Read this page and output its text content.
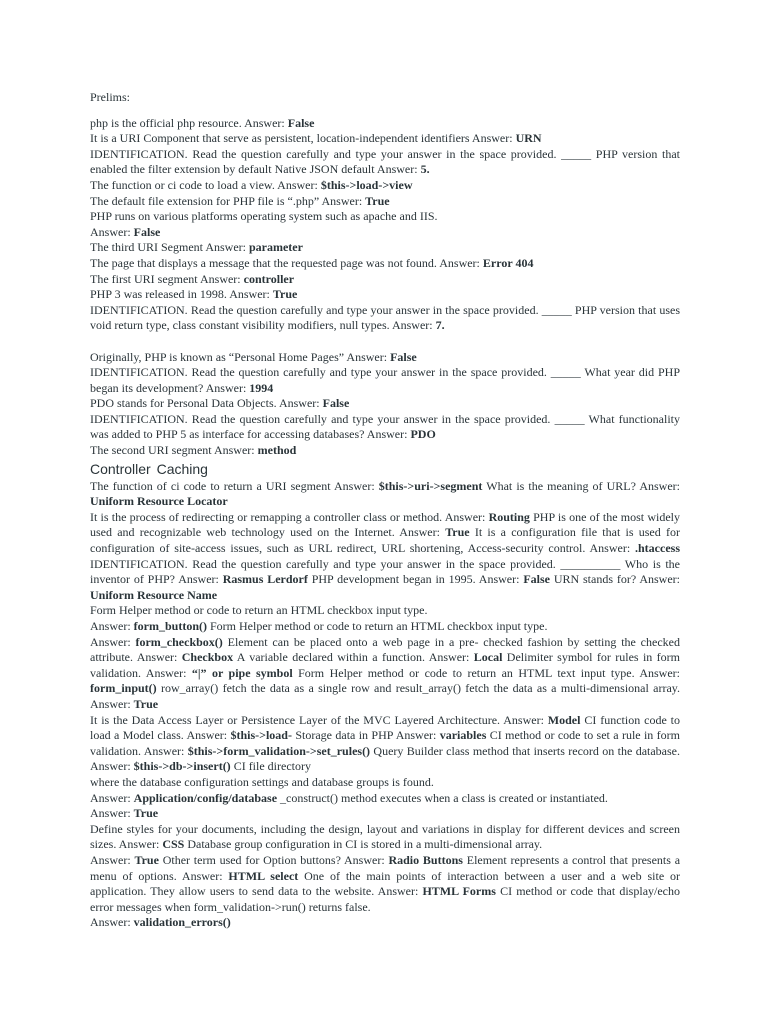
Prelims:

php is the official php resource. Answer: False

It is a URI Component that serve as persistent, location-independent identifiers Answer: URN

IDENTIFICATION. Read the question carefully and type your answer in the space provided. _____ PHP version that enabled the filter extension by default Native JSON default Answer: 5.

The function or ci code to load a view. Answer: $this->load->view

The default file extension for PHP file is “.php” Answer: True

PHP runs on various platforms operating system such as apache and IIS.

Answer: False

The third URI Segment Answer: parameter

The page that displays a message that the requested page was not found. Answer: Error 404

The first URI segment Answer: controller

PHP 3 was released in 1998. Answer: True

IDENTIFICATION. Read the question carefully and type your answer in the space provided. _____ PHP version that uses void return type, class constant visibility modifiers, null types. Answer: 7.

Originally, PHP is known as “Personal Home Pages” Answer: False

IDENTIFICATION. Read the question carefully and type your answer in the space provided. _____ What year did PHP began its development? Answer: 1994

PDO stands for Personal Data Objects. Answer: False

IDENTIFICATION. Read the question carefully and type your answer in the space provided. _____ What functionality was added to PHP 5 as interface for accessing databases? Answer: PDO

The second URI segment Answer: method

Controller Caching

The function of ci code to return a URI segment Answer: $this->uri->segment What is the meaning of URL? Answer: Uniform Resource Locator

It is the process of redirecting or remapping a controller class or method. Answer: Routing PHP is one of the most widely used and recognizable web technology used on the Internet. Answer: True It is a configuration file that is used for configuration of site-access issues, such as URL redirect, URL shortening, Access-security control. Answer: .htaccess IDENTIFICATION. Read the question carefully and type your answer in the space provided. __________ Who is the inventor of PHP? Answer: Rasmus Lerdorf PHP development began in 1995. Answer: False URN stands for? Answer: Uniform Resource Name

Form Helper method or code to return an HTML checkbox input type.

Answer: form_button() Form Helper method or code to return an HTML checkbox input type.

Answer: form_checkbox() Element can be placed onto a web page in a pre- checked fashion by setting the checked attribute. Answer: Checkbox A variable declared within a function. Answer: Local Delimiter symbol for rules in form validation. Answer: “|” or pipe symbol Form Helper method or code to return an HTML text input type. Answer: form_input() row_array() fetch the data as a single row and result_array() fetch the data as a multi-dimensional array. Answer: True

It is the Data Access Layer or Persistence Layer of the MVC Layered Architecture. Answer: Model CI function code to load a Model class. Answer: $this->load- Storage data in PHP Answer: variables CI method or code to set a rule in form validation. Answer: $this->form_validation->set_rules() Query Builder class method that inserts record on the database. Answer: $this->db->insert() CI file directory

where the database configuration settings and database groups is found.

Answer: Application/config/database _construct() method executes when a class is created or instantiated.

Answer: True

Define styles for your documents, including the design, layout and variations in display for different devices and screen sizes. Answer: CSS Database group configuration in CI is stored in a multi-dimensional array.

Answer: True Other term used for Option buttons? Answer: Radio Buttons Element represents a control that presents a menu of options. Answer: HTML select One of the main points of interaction between a user and a web site or application. They allow users to send data to the website. Answer: HTML Forms CI method or code that display/echo error messages when form_validation->run() returns false.

Answer: validation_errors()
